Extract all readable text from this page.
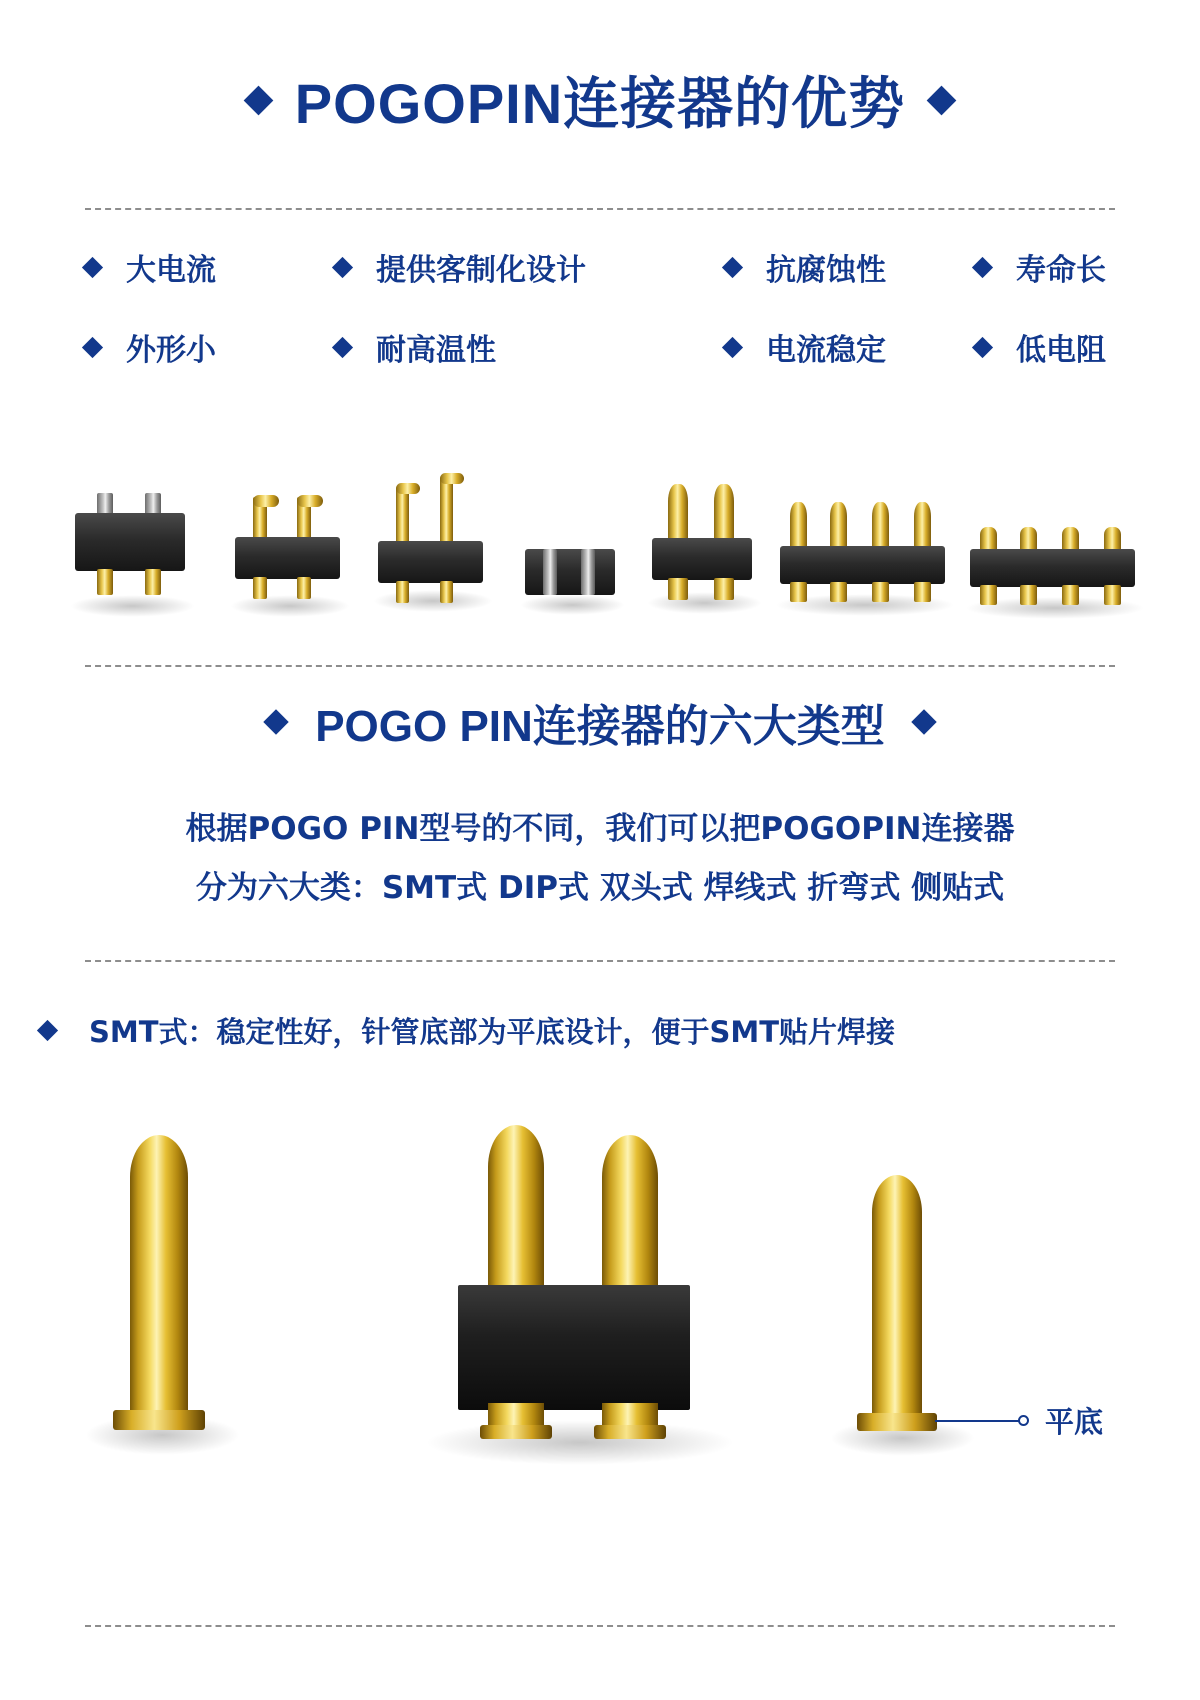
POGOPIN连接器的优势
大电流	提供客制化设计	抗腐蚀性	寿命长
外形小	耐高温性	电流稳定	低电阻
POGO PIN连接器的六大类型
根据POGO PIN型号的不同，我们可以把POGOPIN连接器
分为六大类：SMT式 DIP式 双头式 焊线式 折弯式 侧贴式
SMT式：稳定性好，针管底部为平底设计，便于SMT贴片焊接
平底
